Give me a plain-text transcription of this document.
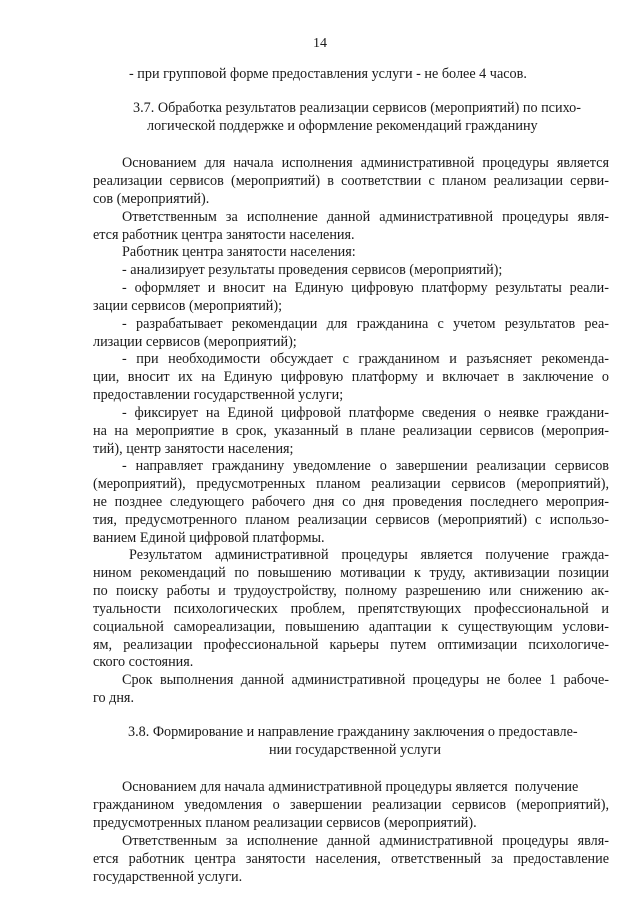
14
- при групповой форме предоставления услуги - не более 4 часов.
3.7. Обработка результатов реализации сервисов (мероприятий) по психо-
логической поддержке и оформление рекомендаций гражданину
Основанием для начала исполнения административной процедуры является
реализации сервисов (мероприятий) в соответствии с планом реализации серви-
сов (мероприятий).
Ответственным за исполнение данной административной процедуры явля-
ется работник центра занятости населения.
Работник центра занятости населения:
- анализирует результаты проведения сервисов (мероприятий);
- оформляет и вносит на Единую цифровую платформу результаты реали-
зации сервисов (мероприятий);
- разрабатывает рекомендации для гражданина с учетом результатов реа-
лизации сервисов (мероприятий);
- при необходимости обсуждает с гражданином и разъясняет рекоменда-
ции, вносит их на Единую цифровую платформу и включает в заключение о
предоставлении государственной услуги;
- фиксирует на Единой цифровой платформе сведения о неявке граждани-
на на мероприятие в срок, указанный в плане реализации сервисов (мероприя-
тий), центр занятости населения;
- направляет гражданину уведомление о завершении реализации сервисов
(мероприятий), предусмотренных планом реализации сервисов (мероприятий),
не позднее следующего рабочего дня со дня проведения последнего мероприя-
тия, предусмотренного планом реализации сервисов (мероприятий) с использо-
ванием Единой цифровой платформы.
Результатом административной процедуры является получение гражда-
нином рекомендаций по повышению мотивации к труду, активизации позиции
по поиску работы и трудоустройству, полному разрешению или снижению ак-
туальности психологических проблем, препятствующих профессиональной и
социальной самореализации, повышению адаптации к существующим услови-
ям, реализации профессиональной карьеры путем оптимизации психологиче-
ского состояния.
Срок выполнения данной административной процедуры не более 1 рабоче-
го дня.
3.8. Формирование и направление гражданину заключения о предоставле-
нии государственной услуги
Основанием для начала административной процедуры является  получение
гражданином уведомления о завершении реализации сервисов (мероприятий),
предусмотренных планом реализации сервисов (мероприятий).
Ответственным за исполнение данной административной процедуры явля-
ется работник центра занятости населения, ответственный за предоставление
государственной услуги.
